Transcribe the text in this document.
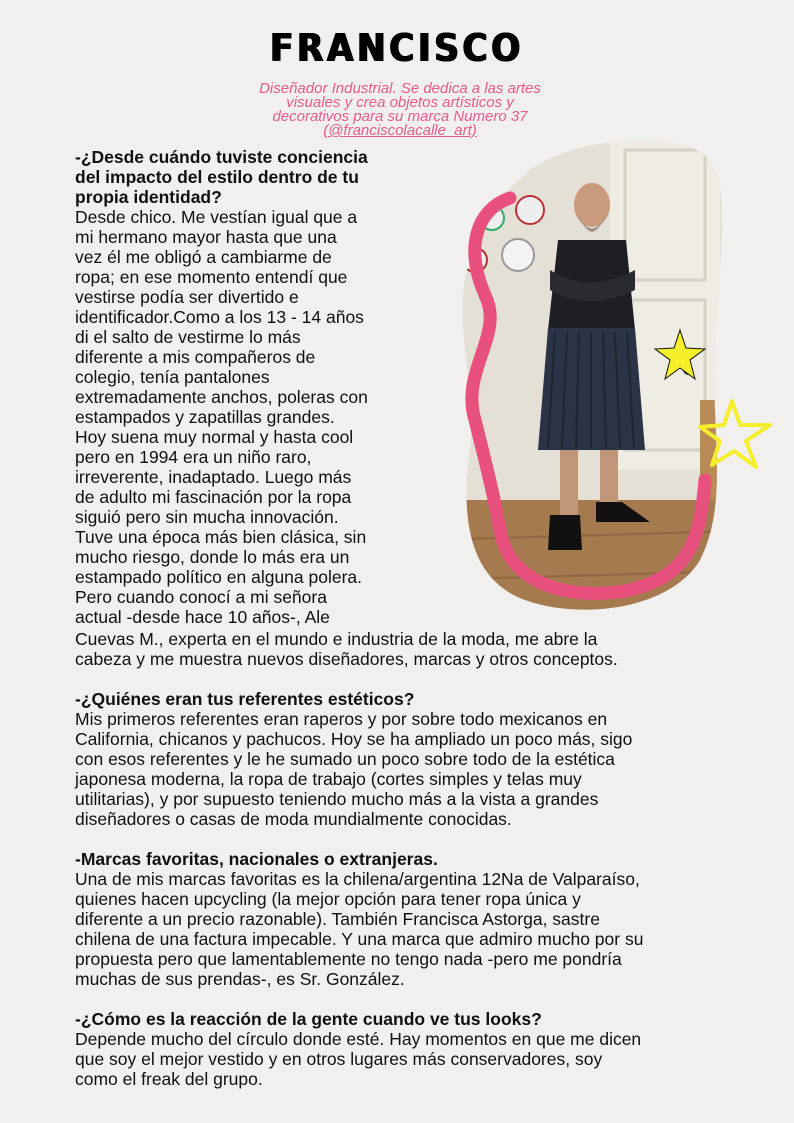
FRANCISCO
Diseñador Industrial. Se dedica a las artes
visuales y crea objetos artísticos y
decorativos para su marca Numero 37
(@franciscolacalle_art)
-¿Desde cuándo tuviste conciencia
del impacto del estilo dentro de tu
propia identidad?
Desde chico. Me vestían igual que a
mi hermano mayor hasta que una
vez él me obligó a cambiarme de
ropa; en ese momento entendí que
vestirse podía ser divertido e
identificador.Como a los 13 - 14 años
di el salto de vestirme lo más
diferente a mis compañeros de
colegio, tenía pantalones
extremadamente anchos, poleras con
estampados y zapatillas grandes.
Hoy suena muy normal y hasta cool
pero en 1994 era un niño raro,
irreverente, inadaptado. Luego más
de adulto mi fascinación por la ropa
siguió pero sin mucha innovación.
Tuve una época más bien clásica, sin
mucho riesgo, donde lo más era un
estampado político en alguna polera.
Pero cuando conocí a mi señora
actual -desde hace 10 años-, Ale
Cuevas M., experta en el mundo e industria de la moda, me abre la
cabeza y me muestra nuevos diseñadores, marcas y otros conceptos.
-¿Quiénes eran tus referentes estéticos?
Mis primeros referentes eran raperos y por sobre todo mexicanos en
California, chicanos y pachucos. Hoy se ha ampliado un poco más, sigo
con esos referentes y le he sumado un poco sobre todo de la estética
japonesa moderna, la ropa de trabajo (cortes simples y telas muy
utilitarias), y por supuesto teniendo mucho más a la vista a grandes
diseñadores o casas de moda mundialmente conocidas.
-Marcas favoritas, nacionales o extranjeras.
Una de mis marcas favoritas es la chilena/argentina 12Na de Valparaíso,
quienes hacen upcycling (la mejor opción para tener ropa única y
diferente a un precio razonable). También Francisca Astorga, sastre
chilena de una factura impecable. Y una marca que admiro mucho por su
propuesta pero que lamentablemente no tengo nada -pero me pondría
muchas de sus prendas-, es Sr. González.
-¿Cómo es la reacción de la gente cuando ve tus looks?
Depende mucho del círculo donde esté. Hay momentos en que me dicen
que soy el mejor vestido y en otros lugares más conservadores, soy
como el freak del grupo.
